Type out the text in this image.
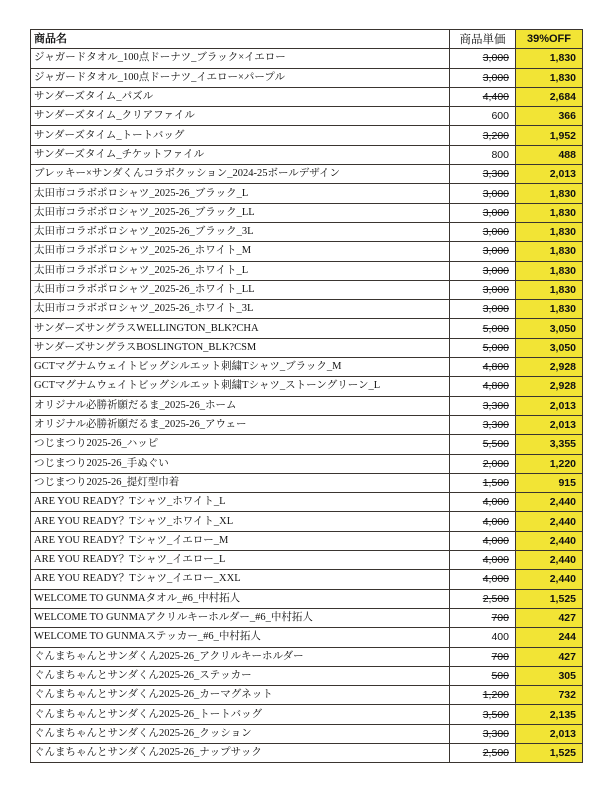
商品名	商品単価	39%OFF
ジャガードタオル_100点ドーナツ_ブラック×イエロー	3,000	1,830
ジャガードタオル_100点ドーナツ_イエロー×パープル	3,000	1,830
サンダーズタイム_パズル	4,400	2,684
サンダーズタイム_クリアファイル	600	366
サンダーズタイム_トートバッグ	3,200	1,952
サンダーズタイム_チケットファイル	800	488
ブレッキー×サンダくんコラボクッション_2024-25ボールデザイン	3,300	2,013
太田市コラボポロシャツ_2025-26_ブラック_L	3,000	1,830
太田市コラボポロシャツ_2025-26_ブラック_LL	3,000	1,830
太田市コラボポロシャツ_2025-26_ブラック_3L	3,000	1,830
太田市コラボポロシャツ_2025-26_ホワイト_M	3,000	1,830
太田市コラボポロシャツ_2025-26_ホワイト_L	3,000	1,830
太田市コラボポロシャツ_2025-26_ホワイト_LL	3,000	1,830
太田市コラボポロシャツ_2025-26_ホワイト_3L	3,000	1,830
サンダーズサングラスWELLINGTON_BLK?CHA	5,000	3,050
サンダーズサングラスBOSLINGTON_BLK?CSM	5,000	3,050
GCTマグナムウェイトビッグシルエット刺繍Tシャツ_ブラック_M	4,800	2,928
GCTマグナムウェイトビッグシルエット刺繍Tシャツ_ストーングリーン_L	4,800	2,928
オリジナル必勝祈願だるま_2025-26_ホーム	3,300	2,013
オリジナル必勝祈願だるま_2025-26_アウェー	3,300	2,013
つじまつり2025-26_ハッピ	5,500	3,355
つじまつり2025-26_手ぬぐい	2,000	1,220
つじまつり2025-26_提灯型巾着	1,500	915
ARE YOU READY？Tシャツ_ホワイト_L	4,000	2,440
ARE YOU READY？Tシャツ_ホワイト_XL	4,000	2,440
ARE YOU READY？Tシャツ_イエロー_M	4,000	2,440
ARE YOU READY？Tシャツ_イエロー_L	4,000	2,440
ARE YOU READY？Tシャツ_イエロー_XXL	4,000	2,440
WELCOME TO GUNMAタオル_#6_中村拓人	2,500	1,525
WELCOME TO GUNMAアクリルキーホルダー_#6_中村拓人	700	427
WELCOME TO GUNMAステッカー_#6_中村拓人	400	244
ぐんまちゃんとサンダくん2025-26_アクリルキーホルダー	700	427
ぐんまちゃんとサンダくん2025-26_ステッカー	500	305
ぐんまちゃんとサンダくん2025-26_カーマグネット	1,200	732
ぐんまちゃんとサンダくん2025-26_トートバッグ	3,500	2,135
ぐんまちゃんとサンダくん2025-26_クッション	3,300	2,013
ぐんまちゃんとサンダくん2025-26_ナップサック	2,500	1,525
